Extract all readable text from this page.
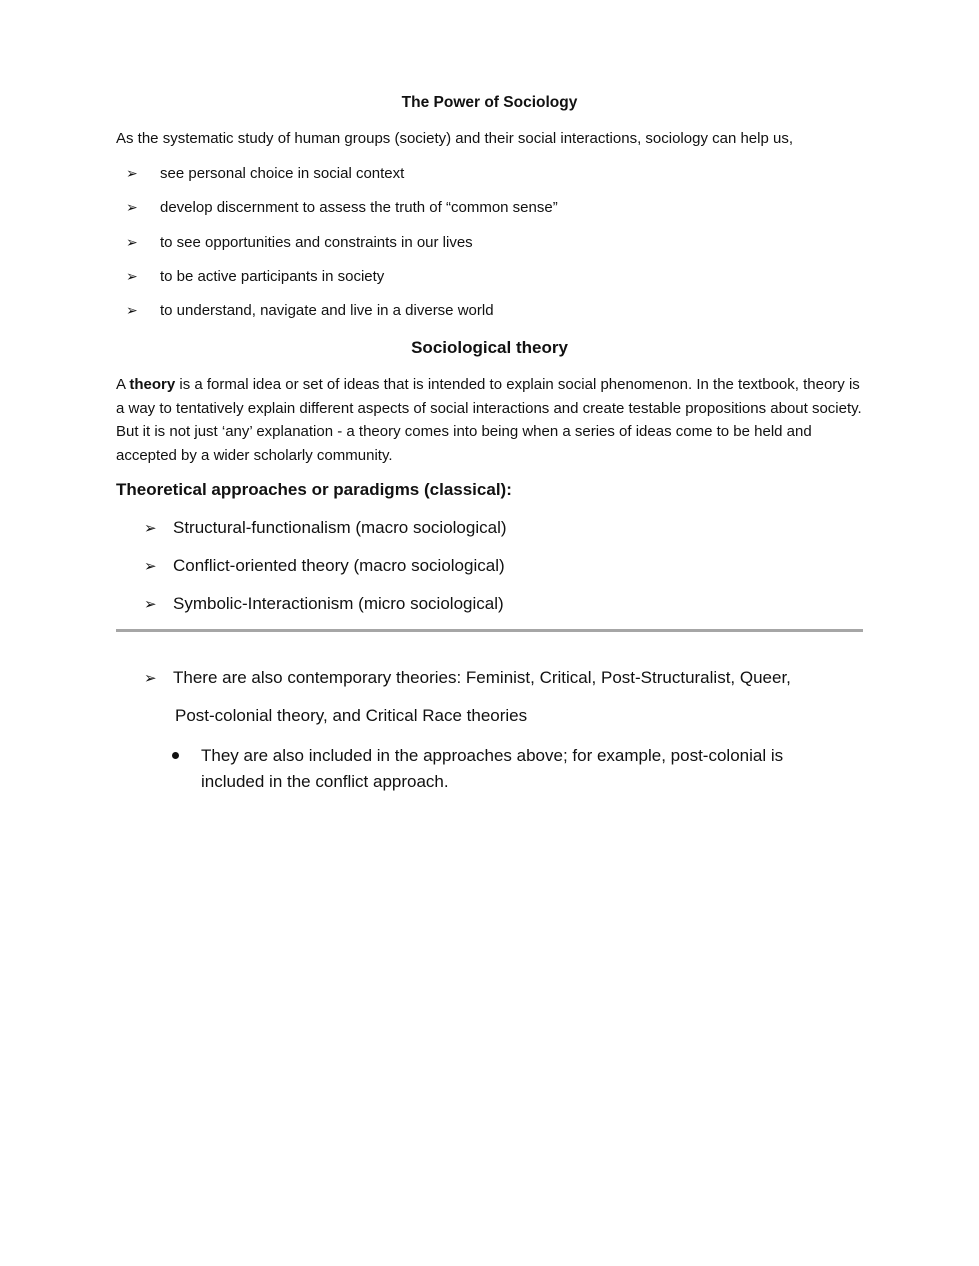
The Power of Sociology
As the systematic study of human groups (society) and their social interactions, sociology can help us,
➢ see personal choice in social context
➢ develop discernment to assess the truth of “common sense”
➢ to see opportunities and constraints in our lives
➢ to be active participants in society
➢ to understand, navigate and live in a diverse world
Sociological theory

A theory is a formal idea or set of ideas that is intended to explain social phenomenon. In the textbook, theory is a way to tentatively explain different aspects of social interactions and create testable propositions about society. But it is not just ‘any’ explanation - a theory comes into being when a series of ideas come to be held and accepted by a wider scholarly community.

Theoretical approaches or paradigms (classical):
➢ Structural-functionalism (macro sociological)
➢ Conflict-oriented theory (macro sociological)
➢ Symbolic-Interactionism (micro sociological)
➢ There are also contemporary theories: Feminist, Critical, Post-Structuralist, Queer,
Post-colonial theory, and Critical Race theories
They are also included in the approaches above; for example, post-colonial is included in the conflict approach.
